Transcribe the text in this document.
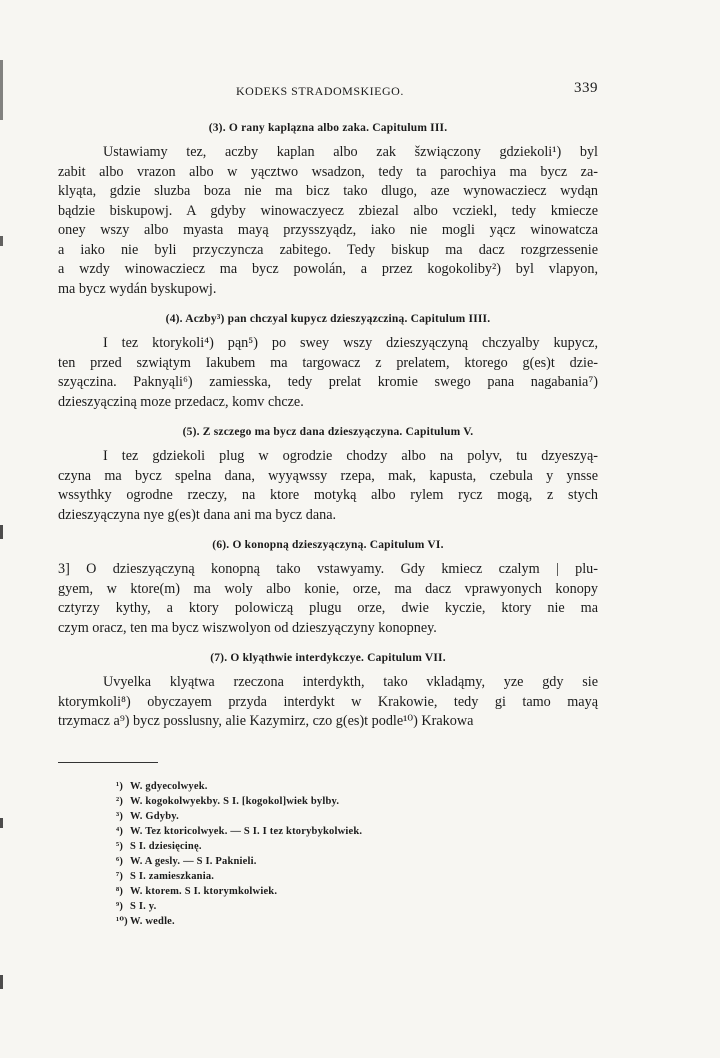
KODEKS STRADOMSKIEGO.	339
(3). O rany kaplązna albo zaka. Capitulum III.
Ustawiamy tez, aczby kaplan albo zak šzwiączony gdziekoli¹) byl
zabit albo vrazon albo w yącztwo wsadzon, tedy ta parochiya ma bycz za-
klyąta, gdzie sluzba boza nie ma bicz tako dlugo, aze wynowacziecz wydąn
bądzie biskupowj. A gdyby winowaczyecz zbiezal albo vcziekl, tedy kmiecze
oney wszy albo myasta mayą przysszyądz, iako nie mogli yącz winowatcza
a iako nie byli przyczyncza zabitego. Tedy biskup ma dacz rozgrzessenie
a wzdy winowacziecz ma bycz powolán, a przez kogokoliby²) byl vlapyon,
ma bycz wydán byskupowj.
(4). Aczby³) pan chczyal kupycz dzieszyązcziną. Capitulum IIII.
I tez ktorykoli⁴) pąn⁵) po swey wszy dzieszyączyną chczyalby kupycz,
ten przed szwiątym Iakubem ma targowacz z prelatem, ktorego g(es)t dzie-
szyączina. Paknyąli⁶) zamiesska, tedy prelat kromie swego pana nagabania⁷)
dzieszyącziną moze przedacz, komv chcze.
(5). Z szczego ma bycz dana dzieszyączyna. Capitulum V.
I tez gdziekoli plug w ogrodzie chodzy albo na polyv, tu dzyeszyą-
czyna ma bycz spelna dana, wyyąwssy rzepa, mak, kapusta, czebula y ynsse
wssythky ogrodne rzeczy, na ktore motyką albo rylem rycz mogą, z stych
dzieszyączyna nye g(es)t dana ani ma bycz dana.
(6). O konopną dzieszyączyną. Capitulum VI.
3] O dzieszyączyną konopną tako vstawyamy. Gdy kmiecz czalym | plu-
gyem, w ktore(m) ma woly albo konie, orze, ma dacz vprawyonych konopy
cztyrzy kythy, a ktory polowiczą plugu orze, dwie kyczie, ktory nie ma
czym oracz, ten ma bycz wiszwolyon od dzieszyączyny konopney.
(7). O klyąthwie interdykczye. Capitulum VII.
Uvyelka klyątwa rzeczona interdykth, tako vkladąmy, yze gdy sie
ktorymkoli⁸) obyczayem przyda interdykt w Krakowie, tedy gi tamo mayą
trzymacz a⁹) bycz posslusny, alie Kazymirz, czo g(es)t podle¹⁰) Krakowa
¹) W. gdyecolwyek.
²) W. kogokolwyekby. S I. [kogokol]wiek bylby.
³) W. Gdyby.
⁴) W. Tez ktoricolwyek. — S I. I tez ktorybykolwiek.
⁵) S I. dziesięcinę.
⁶) W. A gesly. — S I. Paknieli.
⁷) S I. zamieszkania.
⁸) W. ktorem. S I. ktorymkolwiek.
⁹) S I. y.
¹⁰) W. wedle.
